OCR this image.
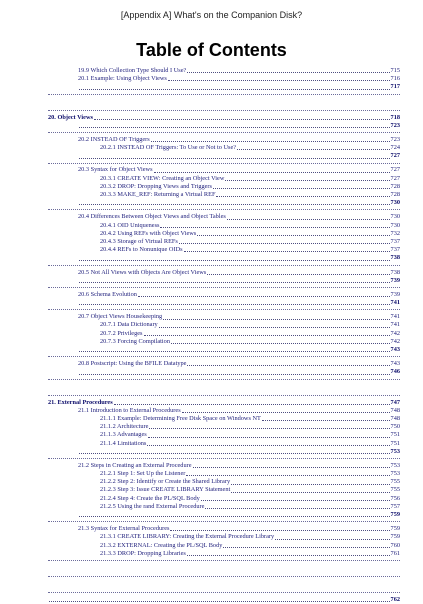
[Appendix A] What's on the Companion Disk?
Table of Contents
19.9 Which Collection Type Should I Use?	715
20.1 Example: Using Object Views	716
717
20. Object Views	718
723
20.2 INSTEAD OF Triggers	723
20.2.1 INSTEAD OF Triggers: To Use or Not to Use?	724
727
20.3 Syntax for Object Views	727
20.3.1 CREATE VIEW: Creating an Object View	727
20.3.2 DROP: Dropping Views and Triggers	728
20.3.3 MAKE_REF: Returning a Virtual REF	728
730
20.4 Differences Between Object Views and Object Tables	730
20.4.1 OID Uniqueness	730
20.4.2 Using REFs with Object Views	732
20.4.3 Storage of Virtual REFs	737
20.4.4 REFs to Nonunique OIDs	737
738
20.5 Not All Views with Objects Are Object Views	738
739
20.6 Schema Evolution	739
741
20.7 Object Views Housekeeping	741
20.7.1 Data Dictionary	741
20.7.2 Privileges	742
20.7.3 Forcing Compilation	742
743
20.8 Postscript: Using the BFILE Datatype	743
746
21. External Procedures	747
21.1 Introduction to External Procedures	748
21.1.1 Example: Determining Free Disk Space on Windows NT	748
21.1.2 Architecture	750
21.1.3 Advantages	751
21.1.4 Limitations	751
753
21.2 Steps in Creating an External Procedure	753
21.2.1 Step 1: Set Up the Listener	753
21.2.2 Step 2: Identify or Create the Shared Library	755
21.2.3 Step 3: Issue CREATE LIBRARY Statement	755
21.2.4 Step 4: Create the PL/SQL Body	756
21.2.5 Using the rand External Procedure	757
759
21.3 Syntax for External Procedures	759
21.3.1 CREATE LIBRARY: Creating the External Procedure Library	759
21.3.2 EXTERNAL: Creating the PL/SQL Body	760
21.3.3 DROP: Dropping Libraries	761
762
